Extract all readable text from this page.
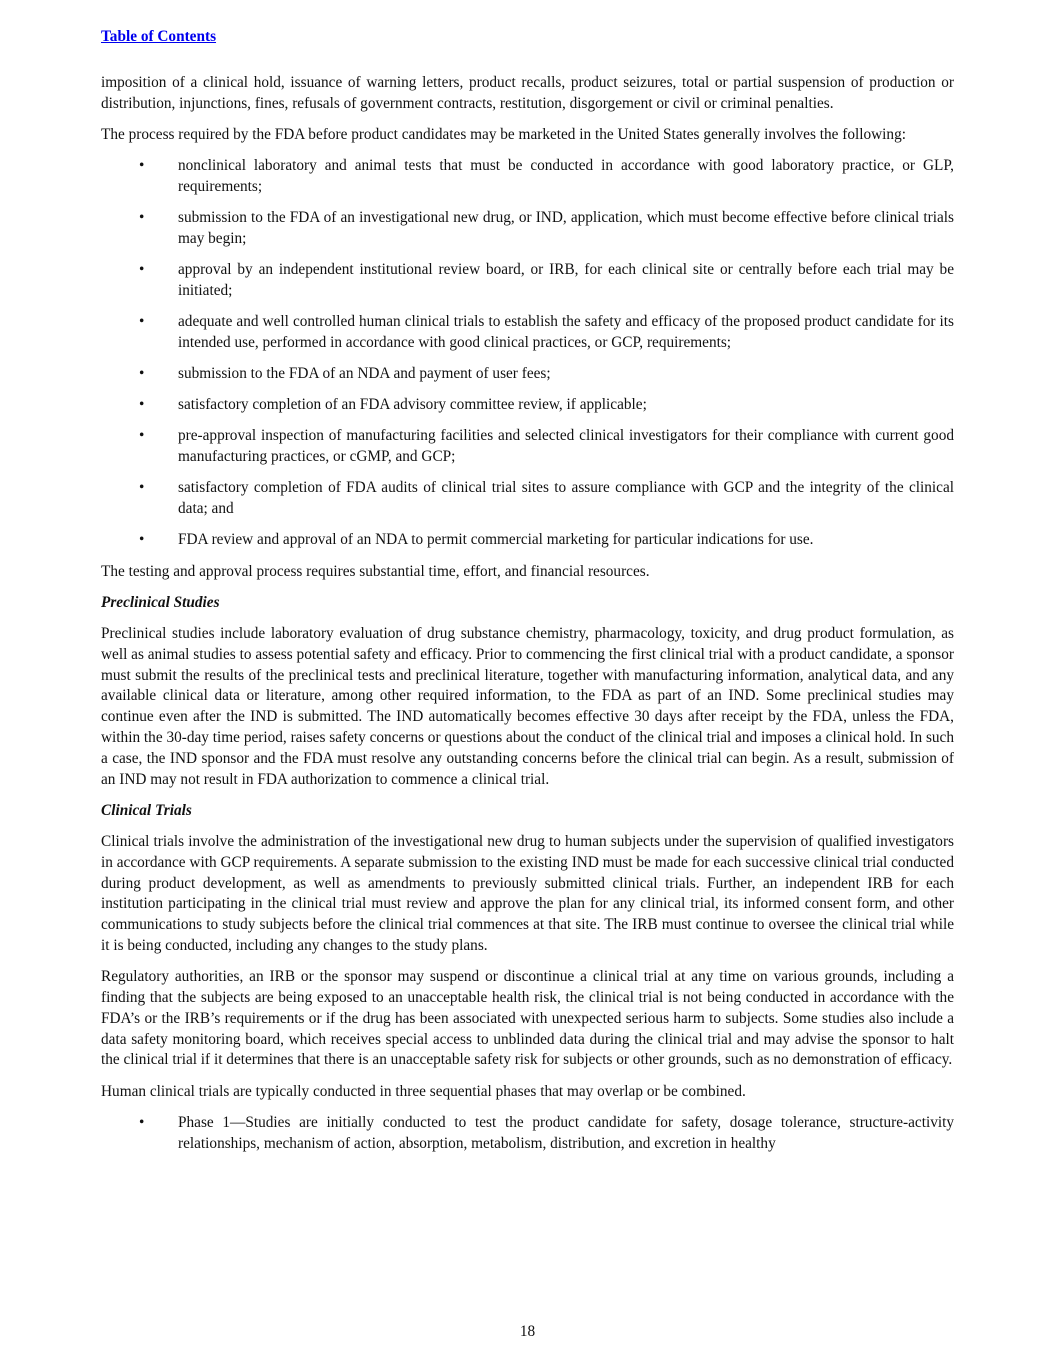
Table of Contents

imposition of a clinical hold, issuance of warning letters, product recalls, product seizures, total or partial suspension of production or distribution, injunctions, fines, refusals of government contracts, restitution, disgorgement or civil or criminal penalties.

The process required by the FDA before product candidates may be marketed in the United States generally involves the following:

• nonclinical laboratory and animal tests that must be conducted in accordance with good laboratory practice, or GLP, requirements;
• submission to the FDA of an investigational new drug, or IND, application, which must become effective before clinical trials may begin;
• approval by an independent institutional review board, or IRB, for each clinical site or centrally before each trial may be initiated;
• adequate and well controlled human clinical trials to establish the safety and efficacy of the proposed product candidate for its intended use, performed in accordance with good clinical practices, or GCP, requirements;
• submission to the FDA of an NDA and payment of user fees;
• satisfactory completion of an FDA advisory committee review, if applicable;
• pre-approval inspection of manufacturing facilities and selected clinical investigators for their compliance with current good manufacturing practices, or cGMP, and GCP;
• satisfactory completion of FDA audits of clinical trial sites to assure compliance with GCP and the integrity of the clinical data; and
• FDA review and approval of an NDA to permit commercial marketing for particular indications for use.

The testing and approval process requires substantial time, effort, and financial resources.

Preclinical Studies

Preclinical studies include laboratory evaluation of drug substance chemistry, pharmacology, toxicity, and drug product formulation, as well as animal studies to assess potential safety and efficacy. Prior to commencing the first clinical trial with a product candidate, a sponsor must submit the results of the preclinical tests and preclinical literature, together with manufacturing information, analytical data, and any available clinical data or literature, among other required information, to the FDA as part of an IND. Some preclinical studies may continue even after the IND is submitted. The IND automatically becomes effective 30 days after receipt by the FDA, unless the FDA, within the 30-day time period, raises safety concerns or questions about the conduct of the clinical trial and imposes a clinical hold. In such a case, the IND sponsor and the FDA must resolve any outstanding concerns before the clinical trial can begin. As a result, submission of an IND may not result in FDA authorization to commence a clinical trial.

Clinical Trials

Clinical trials involve the administration of the investigational new drug to human subjects under the supervision of qualified investigators in accordance with GCP requirements. A separate submission to the existing IND must be made for each successive clinical trial conducted during product development, as well as amendments to previously submitted clinical trials. Further, an independent IRB for each institution participating in the clinical trial must review and approve the plan for any clinical trial, its informed consent form, and other communications to study subjects before the clinical trial commences at that site. The IRB must continue to oversee the clinical trial while it is being conducted, including any changes to the study plans.

Regulatory authorities, an IRB or the sponsor may suspend or discontinue a clinical trial at any time on various grounds, including a finding that the subjects are being exposed to an unacceptable health risk, the clinical trial is not being conducted in accordance with the FDA’s or the IRB’s requirements or if the drug has been associated with unexpected serious harm to subjects. Some studies also include a data safety monitoring board, which receives special access to unblinded data during the clinical trial and may advise the sponsor to halt the clinical trial if it determines that there is an unacceptable safety risk for subjects or other grounds, such as no demonstration of efficacy.

Human clinical trials are typically conducted in three sequential phases that may overlap or be combined.

• Phase 1—Studies are initially conducted to test the product candidate for safety, dosage tolerance, structure-activity relationships, mechanism of action, absorption, metabolism, distribution, and excretion in healthy
18
